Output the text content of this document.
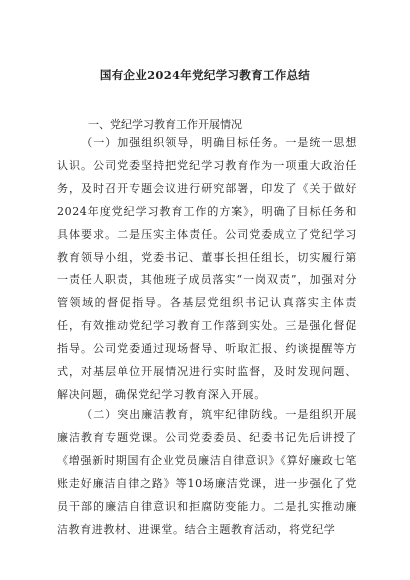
国有企业2024年党纪学习教育工作总结

一、党纪学习教育工作开展情况

（一）加强组织领导，明确目标任务。一是统一思想认识。公司党委坚持把党纪学习教育作为一项重大政治任务，及时召开专题会议进行研究部署，印发了《关于做好2024年度党纪学习教育工作的方案》，明确了目标任务和具体要求。二是压实主体责任。公司党委成立了党纪学习教育领导小组，党委书记、董事长担任组长，切实履行第一责任人职责，其他班子成员落实“一岗双责”，加强对分管领域的督促指导。各基层党组织书记认真落实主体责任，有效推动党纪学习教育工作落到实处。三是强化督促指导。公司党委通过现场督导、听取汇报、约谈提醒等方式，对基层单位开展情况进行实时监督，及时发现问题、解决问题，确保党纪学习教育深入开展。

（二）突出廉洁教育，筑牢纪律防线。一是组织开展廉洁教育专题党课。公司党委委员、纪委书记先后讲授了《增强新时期国有企业党员廉洁自律意识》《算好廉政七笔账走好廉洁自律之路》等10场廉洁党课，进一步强化了党员干部的廉洁自律意识和拒腐防变能力。二是扎实推动廉洁教育进教材、进课堂。结合主题教育活动，将党纪学
